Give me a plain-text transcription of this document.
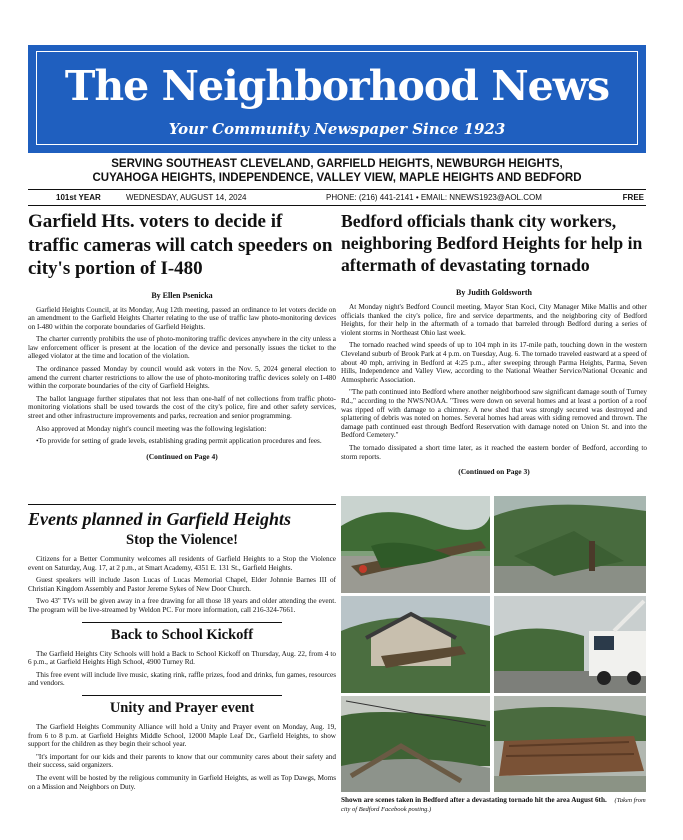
The Neighborhood News
Your Community Newspaper Since 1923
SERVING SOUTHEAST CLEVELAND, GARFIELD HEIGHTS, NEWBURGH HEIGHTS,
CUYAHOGA HEIGHTS, INDEPENDENCE, VALLEY VIEW, MAPLE HEIGHTS AND BEDFORD
101st YEAR	WEDNESDAY, AUGUST 14, 2024	PHONE: (216) 441-2141 • EMAIL: NNEWS1923@AOL.COM	FREE
Garfield Hts. voters to decide if traffic cameras will catch speeders on city's portion of I-480
By Ellen Psenicka

Garfield Heights Council, at its Monday, Aug 12th meeting, passed an ordinance to let voters decide on an amendment to the Garfield Heights Charter relating to the use of traffic law photo-monitoring devices on I-480 within the corporate boundaries of Garfield Heights.

The charter currently prohibits the use of photo-monitoring traffic devices anywhere in the city unless a law enforcement officer is present at the location of the device and personally issues the ticket to the alleged violator at the time and location of the violation.

The ordinance passed Monday by council would ask voters in the Nov. 5, 2024 general election to amend the current charter restrictions to allow the use of photo-monitoring traffic devices solely on I-480 within the corporate boundaries of the city of Garfield Heights.

The ballot language further stipulates that not less than one-half of net collections from traffic photo-monitoring violations shall be used towards the cost of the city's police, fire and other safety services, street and other infrastructure improvements and parks, recreation and senior programming.

Also approved at Monday night's council meeting was the following legislation:

•To provide for setting of grade levels, establishing grading permit application procedures and fees.

(Continued on Page 4)
Events planned in Garfield Heights
Stop the Violence!

Citizens for a Better Community welcomes all residents of Garfield Heights to a Stop the Violence event on Saturday, Aug. 17, at 2 p.m., at Smart Academy, 4351 E. 131 St., Garfield Heights.

Guest speakers will include Jason Lucas of Lucas Memorial Chapel, Elder Johnnie Barnes III of Christian Kingdom Assembly and Pastor Jereme Sykes of New Door Church.

Two 43" TVs will be given away in a free drawing for all those 18 years and older attending the event. The program will be live-streamed by Weldon PC. For more information, call 216-324-7661.

Back to School Kickoff

The Garfield Heights City Schools will hold a Back to School Kickoff on Thursday, Aug. 22, from 4 to 6 p.m., at Garfield Heights High School, 4900 Turney Rd.

This free event will include live music, skating rink, raffle prizes, food and drinks, fun games, resources and vendors.

Unity and Prayer event

The Garfield Heights Community Alliance will hold a Unity and Prayer event on Monday, Aug. 19, from 6 to 8 p.m. at Garfield Heights Middle School, 12000 Maple Leaf Dr., Garfield Heights, to show support for the children as they begin their school year.

"It's important for our kids and their parents to know that our community cares about their safety and their success, said organizers.

The event will be hosted by the religious community in Garfield Heights, as well as Top Dawgs, Moms on a Mission and Neighbors on Duty.

Bedford officials thank city workers, neighboring Bedford Heights for help in aftermath of devastating tornado
By Judith Goldsworth

At Monday night's Bedford Council meeting, Mayor Stan Koci, City Manager Mike Mallis and other officials thanked the city's police, fire and service departments, and the neighboring city of Bedford Heights, for their help in the aftermath of a tornado that barreled through Bedford during a series of violent storms in Northeast Ohio last week.

The tornado reached wind speeds of up to 104 mph in its 17-mile path, touching down in the western Cleveland suburb of Brook Park at 4 p.m. on Tuesday, Aug. 6. The tornado traveled eastward at a speed of about 40 mph, arriving in Bedford at 4:25 p.m., after sweeping through Parma Heights, Parma, Seven Hills, Independence and Valley View, according to the National Weather Service/National Oceanic and Atmospheric Association.

"The path continued into Bedford where another neighborhood saw significant damage south of Turney Rd.," according to the NWS/NOAA. "Trees were down on several homes and at least a portion of a roof was ripped off with damage to a chimney. A new shed that was strongly secured was destroyed and splattering of debris was noted on homes. Several homes had areas with siding removed and thrown. The damage path continued east through Bedford Reservation with damage noted on Union St. and into the Bedford Cemetery."

The tornado dissipated a short time later, as it reached the eastern border of Bedford, according to storm reports.

(Continued on Page 3)
Shown are scenes taken in Bedford after a devastating tornado hit the area August 6th. (Taken from city of Bedford Facebook posting.)
